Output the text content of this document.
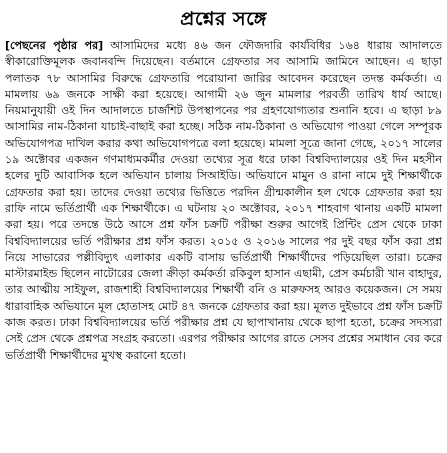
প্রশ্নের সঙ্গে

[পেছনের পৃষ্ঠার পর] আসামিদের মধ্যে ৪৬ জন ফৌজদারি কার্যবিধির ১৬৪ ধারায় আদালতে স্বীকারোক্তিমূলক জবানবন্দি দিয়েছেন। বর্তমানে গ্রেফতার সব আসামি জামিনে আছেন। এ ছাড়া পলাতক ৭৮ আসামির বিরুদ্ধে গ্রেফতারি পরোয়ানা জারির আবেদন করেছেন তদন্ত কর্মকর্তা। এ মামলায় ৬৯ জনকে সাক্ষী করা হয়েছে। আগামী ২৬ জুন মামলার পরবর্তী তারিখ ধার্য আছে। নিয়মানুযায়ী ওই দিন আদালতে চার্জশিট উপস্থাপনের পর গ্রহণযোগ্যতার শুনানি হবে। এ ছাড়া ৮৯ আসামির নাম-ঠিকানা যাচাই-বাছাই করা হচ্ছে। সঠিক নাম-ঠিকানা ও অভিযোগ পাওয়া গেলে সম্পূরক অভিযোগপত্র দাখিল করার কথা অভিযোগপত্রে বলা হয়েছে। মামলা সূত্রে জানা গেছে, ২০১৭ সালের ১৯ অক্টোবর একজন গণমাধ্যমকর্মীর দেওয়া তথ্যের সূত্র ধরে ঢাকা বিশ্ববিদ্যালয়ের ওই দিন মহসীন হলের দুটি আবাসিক হলে অভিযান চালায় সিআইডি। অভিযানে মামুন ও রানা নামে দুই শিক্ষার্থীকে গ্রেফতার করা হয়। তাদের দেওয়া তথ্যের ভিত্তিতে পরদিন গ্রীন্মকালীন হল থেকে গ্রেফতার করা হয় রাফি নামে ভর্তিপ্রার্থী এক শিক্ষার্থীকে। এ ঘটনায় ২০ অক্টোবর, ২০১৭ শাহবাগ থানায় একটি মামলা করা হয়। পরে তদন্তে উঠে আসে প্রশ্ন ফাঁস চক্রটি পরীক্ষা শুরুর আগেই প্রিন্টিং প্রেস থেকে ঢাকা বিশ্ববিদ্যালয়ের ভর্তি পরীক্ষার প্রশ্ন ফাঁস করত। ২০১৫ ও ২০১৬ সালের পর দুই বছর ফাঁস করা প্রশ্ন নিয়ে সাভারের পল্লীবিদ্যুৎ এলাকার একটি বাসায় ভর্তিপ্রার্থী শিক্ষার্থীদের পড়িয়েছিল তারা। চক্রের মাস্টারমাইন্ড ছিলেন নাটোরের জেলা ক্রীড়া কর্মকর্তা রকিবুল হাসান এছামী, প্রেস কর্মচারী খান বাহাদুর, তার আত্মীয় সাইফুল, রাজশাহী বিশ্ববিদ্যালয়ের শিক্ষার্থী বনি ও মারুফসহ আরও কয়েকজন। সে সময় ধারাবাহিক অভিযানে মূল হোতাসহ মোট ৪৭ জনকে গ্রেফতার করা হয়। মূলত দুইভাবে প্রশ্ন ফাঁস চক্রটি কাজ করত। ঢাকা বিশ্ববিদ্যালয়ের ভর্তি পরীক্ষার প্রশ্ন যে ছাপাখানায় থেকে ছাপা হতো, চক্রের সদস্যরা সেই প্রেস থেকে প্রশ্নপত্র সংগ্রহ করতো। এরপর পরীক্ষার আগের রাতে সেসব প্রশ্নের সমাধান বের করে ভর্তিপ্রার্থী শিক্ষার্থীদের মুখস্থ করানো হতো।
